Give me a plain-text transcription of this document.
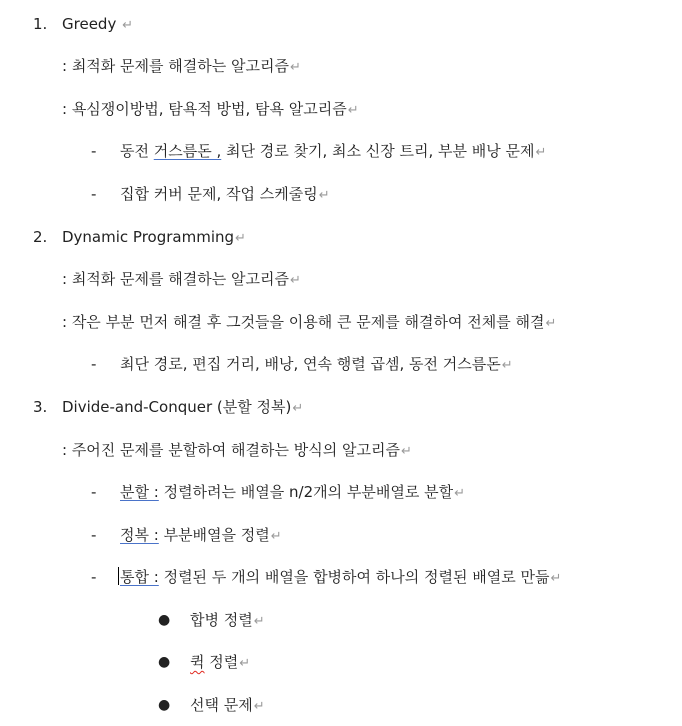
1. Greedy ↵
: 최적화 문제를 해결하는 알고리즘↵
: 욕심쟁이방법, 탐욕적 방법, 탐욕 알고리즘↵
- 동전 거스름돈 , 최단 경로 찾기, 최소 신장 트리, 부분 배낭 문제↵
- 집합 커버 문제, 작업 스케줄링↵
2. Dynamic Programming↵
: 최적화 문제를 해결하는 알고리즘↵
: 작은 부분 먼저 해결 후 그것들을 이용해 큰 문제를 해결하여 전체를 해결↵
- 최단 경로, 편집 거리, 배낭, 연속 행렬 곱셈, 동전 거스름돈↵
3. Divide-and-Conquer (분할 정복)↵
: 주어진 문제를 분할하여 해결하는 방식의 알고리즘↵
- 분할 : 정렬하려는 배열을 n/2개의 부분배열로 분할↵
- 정복 : 부분배열을 정렬↵
- 통합 : 정렬된 두 개의 배열을 합병하여 하나의 정렬된 배열로 만듦↵
● 합병 정렬↵
● 퀵 정렬↵
● 선택 문제↵
